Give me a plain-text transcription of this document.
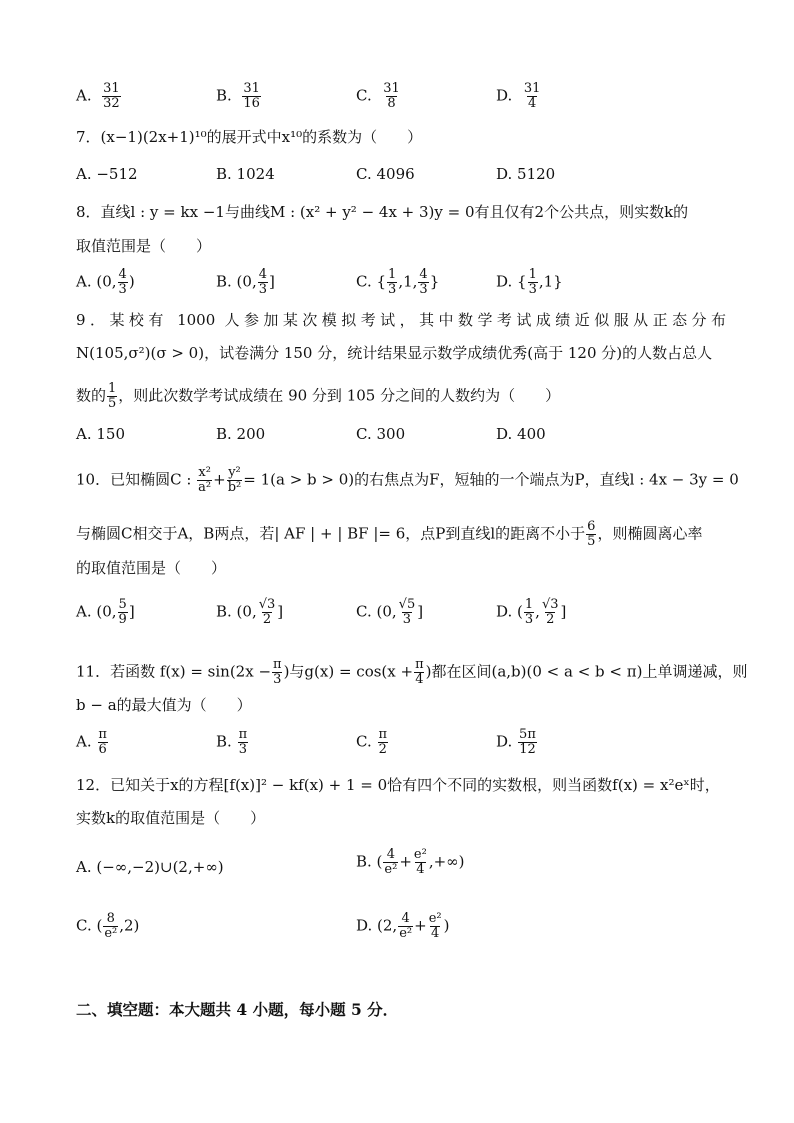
A. $\frac{31}{32}$	B. $\frac{31}{16}$	C. $\frac{31}{8}$	D. $\frac{31}{4}$
7．(x−1)(2x+1)¹⁰的展开式中x¹⁰的系数为（　　）
A. −512	B. 1024	C. 4096	D. 5120
8．直线l : y = kx −1与曲线M : (x² + y² − 4x + 3)y = 0有且仅有2个公共点，则实数k的
取值范围是（　　）
A. (0, $\frac{4}{3}$ )	B. (0, $\frac{4}{3}$ ]	C. { $\frac{1}{3} ,1$, $\frac{4}{3}$ }	D. { $\frac{1}{3} ,1$}
9．某校有 1000 人参加某次模拟考试，其中数学考试成绩近似服从正态分布
N(105,σ²)(σ > 0)，试卷满分 150 分，统计结果显示数学成绩优秀(高于 120 分)的人数占总人
数的 $\frac{1}{5}$ ，则此次数学考试成绩在 90 分到 105 分之间的人数约为（　　）
A. 150	B. 200	C. 300	D. 400
10．已知椭圆C : $\frac{\text{x²}}{\text{a²}} + \frac{\text{y²}}{\text{b²}} = 1(a > b > 0)$的右焦点为F，短轴的一个端点为P，直线l : 4x − 3y = 0
与椭圆C相交于A，B两点，若| AF | + | BF |= 6，点P到直线l的距离不小于 $\frac{6}{5}$ ，则椭圆离心率
的取值范围是（　　）
A. (0, $\frac{5}{9}$ ]	B. (0, $\frac{√3}{2}$ ]	C. (0, $\frac{√5}{3}$ ]	D. ( $\frac{1}{3}$ , $\frac{√3}{2}$ ]
11．若函数 $f(x) = \sin(2x - \frac{\pi}{3}$ )与$g(x) = \cos(x + \frac{\pi}{4}$ )都在区间(a,b)(0 < a < b < π)上单调递减，则
b − a的最大值为（　　）
A. $\frac{\pi}{6}$	B. $\frac{\pi}{3}$	C. $\frac{\pi}{2}$	D. $\frac{5\pi}{12}$
12．已知关于x的方程[f(x)]² − kf(x) + 1 = 0恰有四个不同的实数根，则当函数f(x) = x²eˣ时，
实数k的取值范围是（　　）
A. (−∞,−2)∪(2,+∞)	B. ( $\frac{4}{\text{e²}} + \frac{\text{e²}}{4}$ ,+∞)
C. ( $\frac{8}{\text{e²}} ,2$)	D. (2, $\frac{4}{\text{e²}} + \frac{\text{e²}}{4}$ )
二、填空题：本大题共 4 小题，每小题 5 分．
